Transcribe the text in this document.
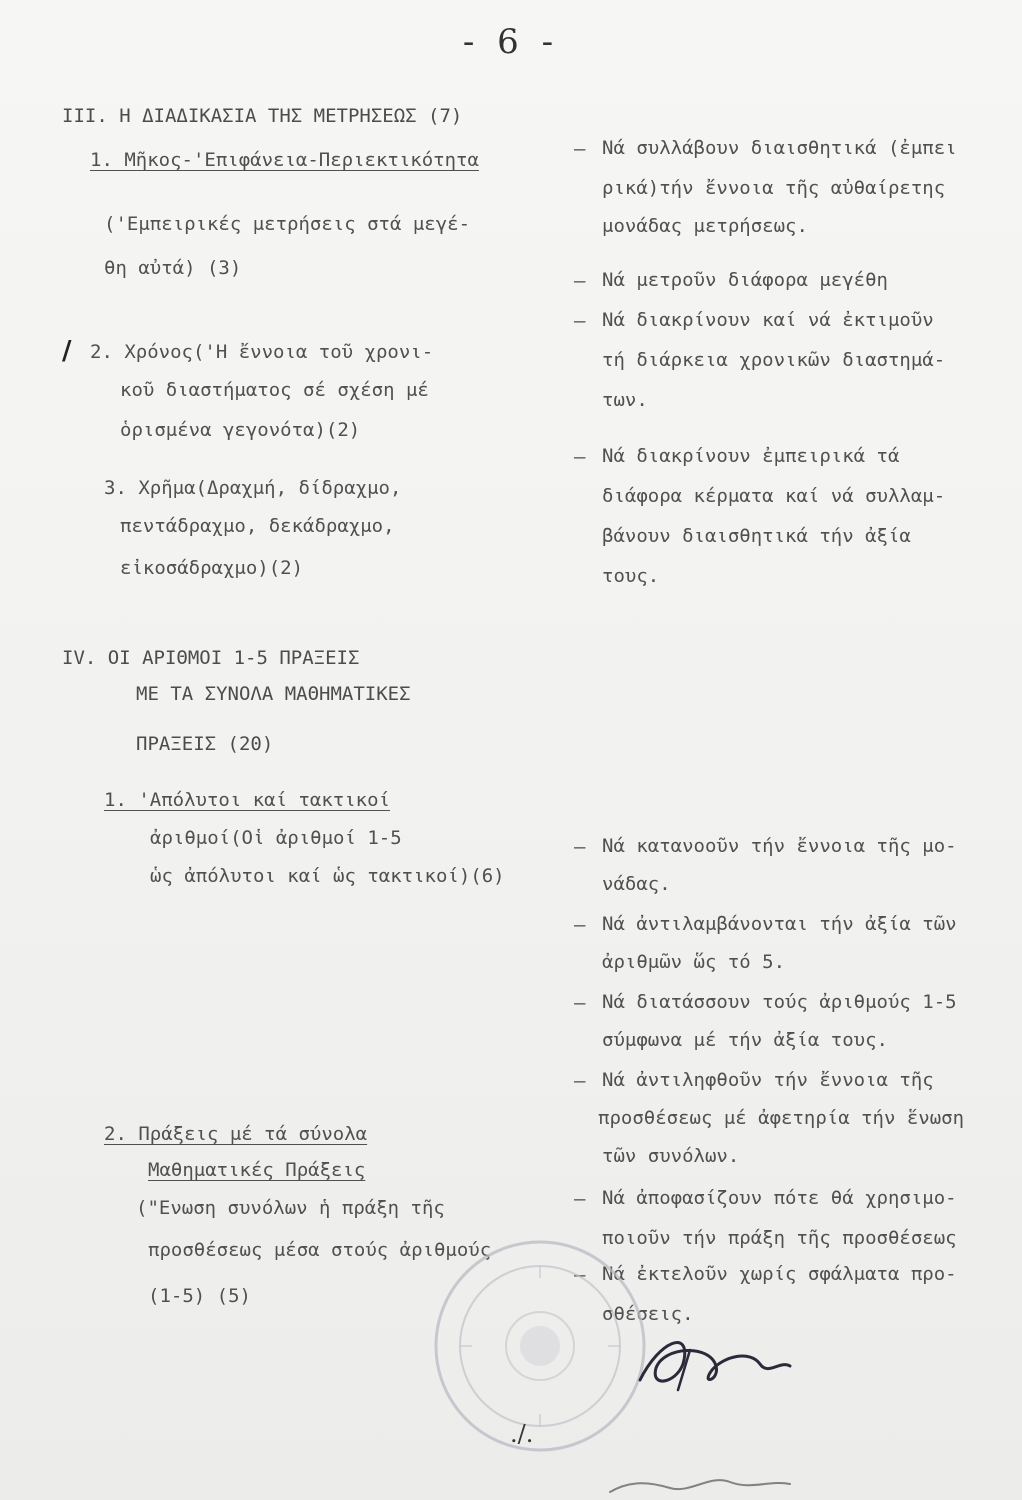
- 6 -
III. Η ΔΙΑΔΙΚΑΣΙΑ ΤΗΣ ΜΕΤΡΗΣΕΩΣ (7)
1. Μῆκος-'Επιφάνεια-Περιεκτικότητα
('Εμπειρικές μετρήσεις στά μεγέ-
θη αὐτά) (3)
/ 2. Χρόνος('Η ἔννοια τοῦ χρονι-
κοῦ διαστήματος σέ σχέση μέ
ὁρισμένα γεγονότα)(2)
3. Χρῆμα(Δραχμή, δίδραχμο,
πεντάδραχμο, δεκάδραχμο,
εἰκοσάδραχμο)(2)
IV. ΟΙ ΑΡΙΘΜΟΙ 1-5 ΠΡΑΞΕΙΣ
ΜΕ ΤΑ ΣΥΝΟΛΑ ΜΑΘΗΜΑΤΙΚΕΣ
ΠΡΑΞΕΙΣ (20)
1. 'Απόλυτοι καί τακτικοί
ἀριθμοί(Οἱ ἀριθμοί 1-5
ὡς ἀπόλυτοι καί ὡς τακτικοί)(6)
2. Πράξεις μέ τά σύνολα
Μαθηματικές Πράξεις
("Ενωση συνόλων ἡ πράξη τῆς
προσθέσεως μέσα στούς ἀριθμούς
(1-5) (5)
– Νά συλλάβουν διαισθητικά (ἐμπει
ρικά)τήν ἔννοια τῆς αὐθαίρετης
μονάδας μετρήσεως.
– Νά μετροῦν διάφορα μεγέθη
– Νά διακρίνουν καί νά ἐκτιμοῦν
τή διάρκεια χρονικῶν διαστημά-
των.
– Νά διακρίνουν ἐμπειρικά τά
διάφορα κέρματα καί νά συλλαμ-
βάνουν διαισθητικά τήν ἀξία
τους.
– Νά κατανοοῦν τήν ἔννοια τῆς μο-
νάδας.
– Νά ἀντιλαμβάνονται τήν ἀξία τῶν
ἀριθμῶν ὥς τό 5.
– Νά διατάσσουν τούς ἀριθμούς 1-5
σύμφωνα μέ τήν ἀξία τους.
– Νά ἀντιληφθοῦν τήν ἔννοια τῆς
προσθέσεως μέ ἀφετηρία τήν ἕνωση
τῶν συνόλων.
– Νά ἀποφασίζουν πότε θά χρησιμο-
ποιοῦν τήν πράξη τῆς προσθέσεως
– Νά ἐκτελοῦν χωρίς σφάλματα προ-
σθέσεις.
./.
